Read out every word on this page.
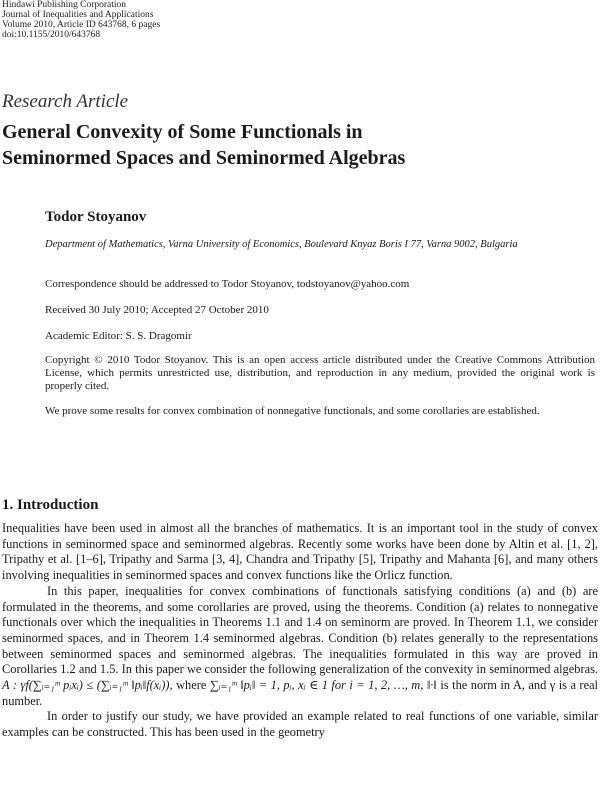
Hindawi Publishing Corporation
Journal of Inequalities and Applications
Volume 2010, Article ID 643768, 6 pages
doi:10.1155/2010/643768
Research Article
General Convexity of Some Functionals in
Seminormed Spaces and Seminormed Algebras
Todor Stoyanov
Department of Mathematics, Varna University of Economics, Boulevard Knyaz Boris I 77, Varna 9002, Bulgaria
Correspondence should be addressed to Todor Stoyanov, todstoyanov@yahoo.com
Received 30 July 2010; Accepted 27 October 2010
Academic Editor: S. S. Dragomir
Copyright © 2010 Todor Stoyanov. This is an open access article distributed under the Creative Commons Attribution License, which permits unrestricted use, distribution, and reproduction in any medium, provided the original work is properly cited.
We prove some results for convex combination of nonnegative functionals, and some corollaries are established.
1. Introduction

Inequalities have been used in almost all the branches of mathematics. It is an important tool in the study of convex functions in seminormed space and seminormed algebras. Recently some works have been done by Altin et al. [1, 2], Tripathy et al. [1–6], Tripathy and Sarma [3, 4], Chandra and Tripathy [5], Tripathy and Mahanta [6], and many others involving inequalities in seminormed spaces and convex functions like the Orlicz function.

In this paper, inequalities for convex combinations of functionals satisfying conditions (a) and (b) are formulated in the theorems, and some corollaries are proved, using the theorems. Condition (a) relates to nonnegative functionals over which the inequalities in Theorems 1.1 and 1.4 on seminorm are proved. In Theorem 1.1, we consider seminormed spaces, and in Theorem 1.4 seminormed algebras. Condition (b) relates generally to the representations between seminormed spaces and seminormed algebras. The inequalities formulated in this way are proved in Corollaries 1.2 and 1.5. In this paper we consider the following generalization of the convexity in seminormed algebras. A : γf(∑ᵢ₌₁ᵐ pᵢxᵢ) ≤ (∑ᵢ₌₁ᵐ ‖pᵢ‖f(xᵢ)), where ∑ᵢ₌₁ᵐ ‖pᵢ‖ = 1, pᵢ, xᵢ ∈ 1 for i = 1, 2, …, m, ‖·‖ is the norm in A, and γ is a real number.

In order to justify our study, we have provided an example related to real functions of one variable, similar examples can be constructed. This has been used in the geometry
